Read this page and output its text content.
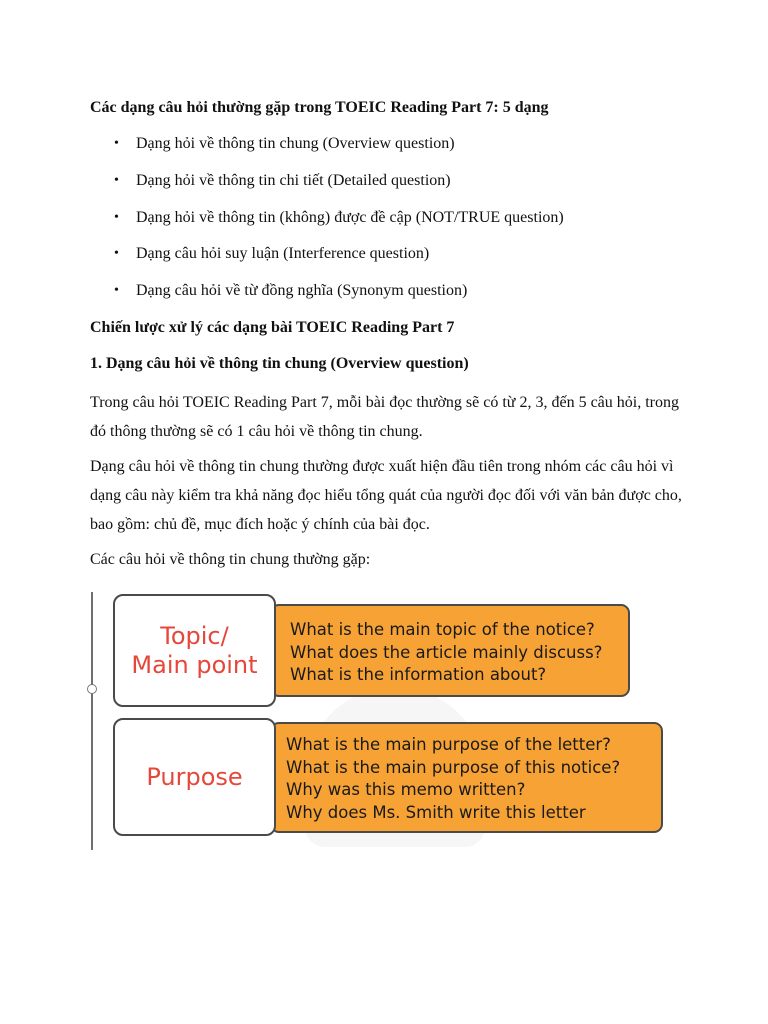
Các dạng câu hỏi thường gặp trong TOEIC Reading Part 7: 5 dạng
• Dạng hỏi về thông tin chung (Overview question)
• Dạng hỏi về thông tin chi tiết (Detailed question)
• Dạng hỏi về thông tin (không) được đề cập (NOT/TRUE question)
• Dạng câu hỏi suy luận (Interference question)
• Dạng câu hỏi về từ đồng nghĩa (Synonym question)
Chiến lược xử lý các dạng bài TOEIC Reading Part 7
1. Dạng câu hỏi về thông tin chung (Overview question)

Trong câu hỏi TOEIC Reading Part 7, mỗi bài đọc thường sẽ có từ 2, 3, đến 5 câu hỏi, trong đó thông thường sẽ có 1 câu hỏi về thông tin chung.

Dạng câu hỏi về thông tin chung thường được xuất hiện đầu tiên trong nhóm các câu hỏi vì dạng câu này kiểm tra khả năng đọc hiểu tổng quát của người đọc đối với văn bản được cho, bao gồm: chủ đề, mục đích hoặc ý chính của bài đọc.

Các câu hỏi về thông tin chung thường gặp:

What is the main topic of the notice?
What does the article mainly discuss?
What is the information about?
Topic/
Main point
What is the main purpose of the letter?
What is the main purpose of this notice?
Why was this memo written?
Why does Ms. Smith write this letter
Purpose
